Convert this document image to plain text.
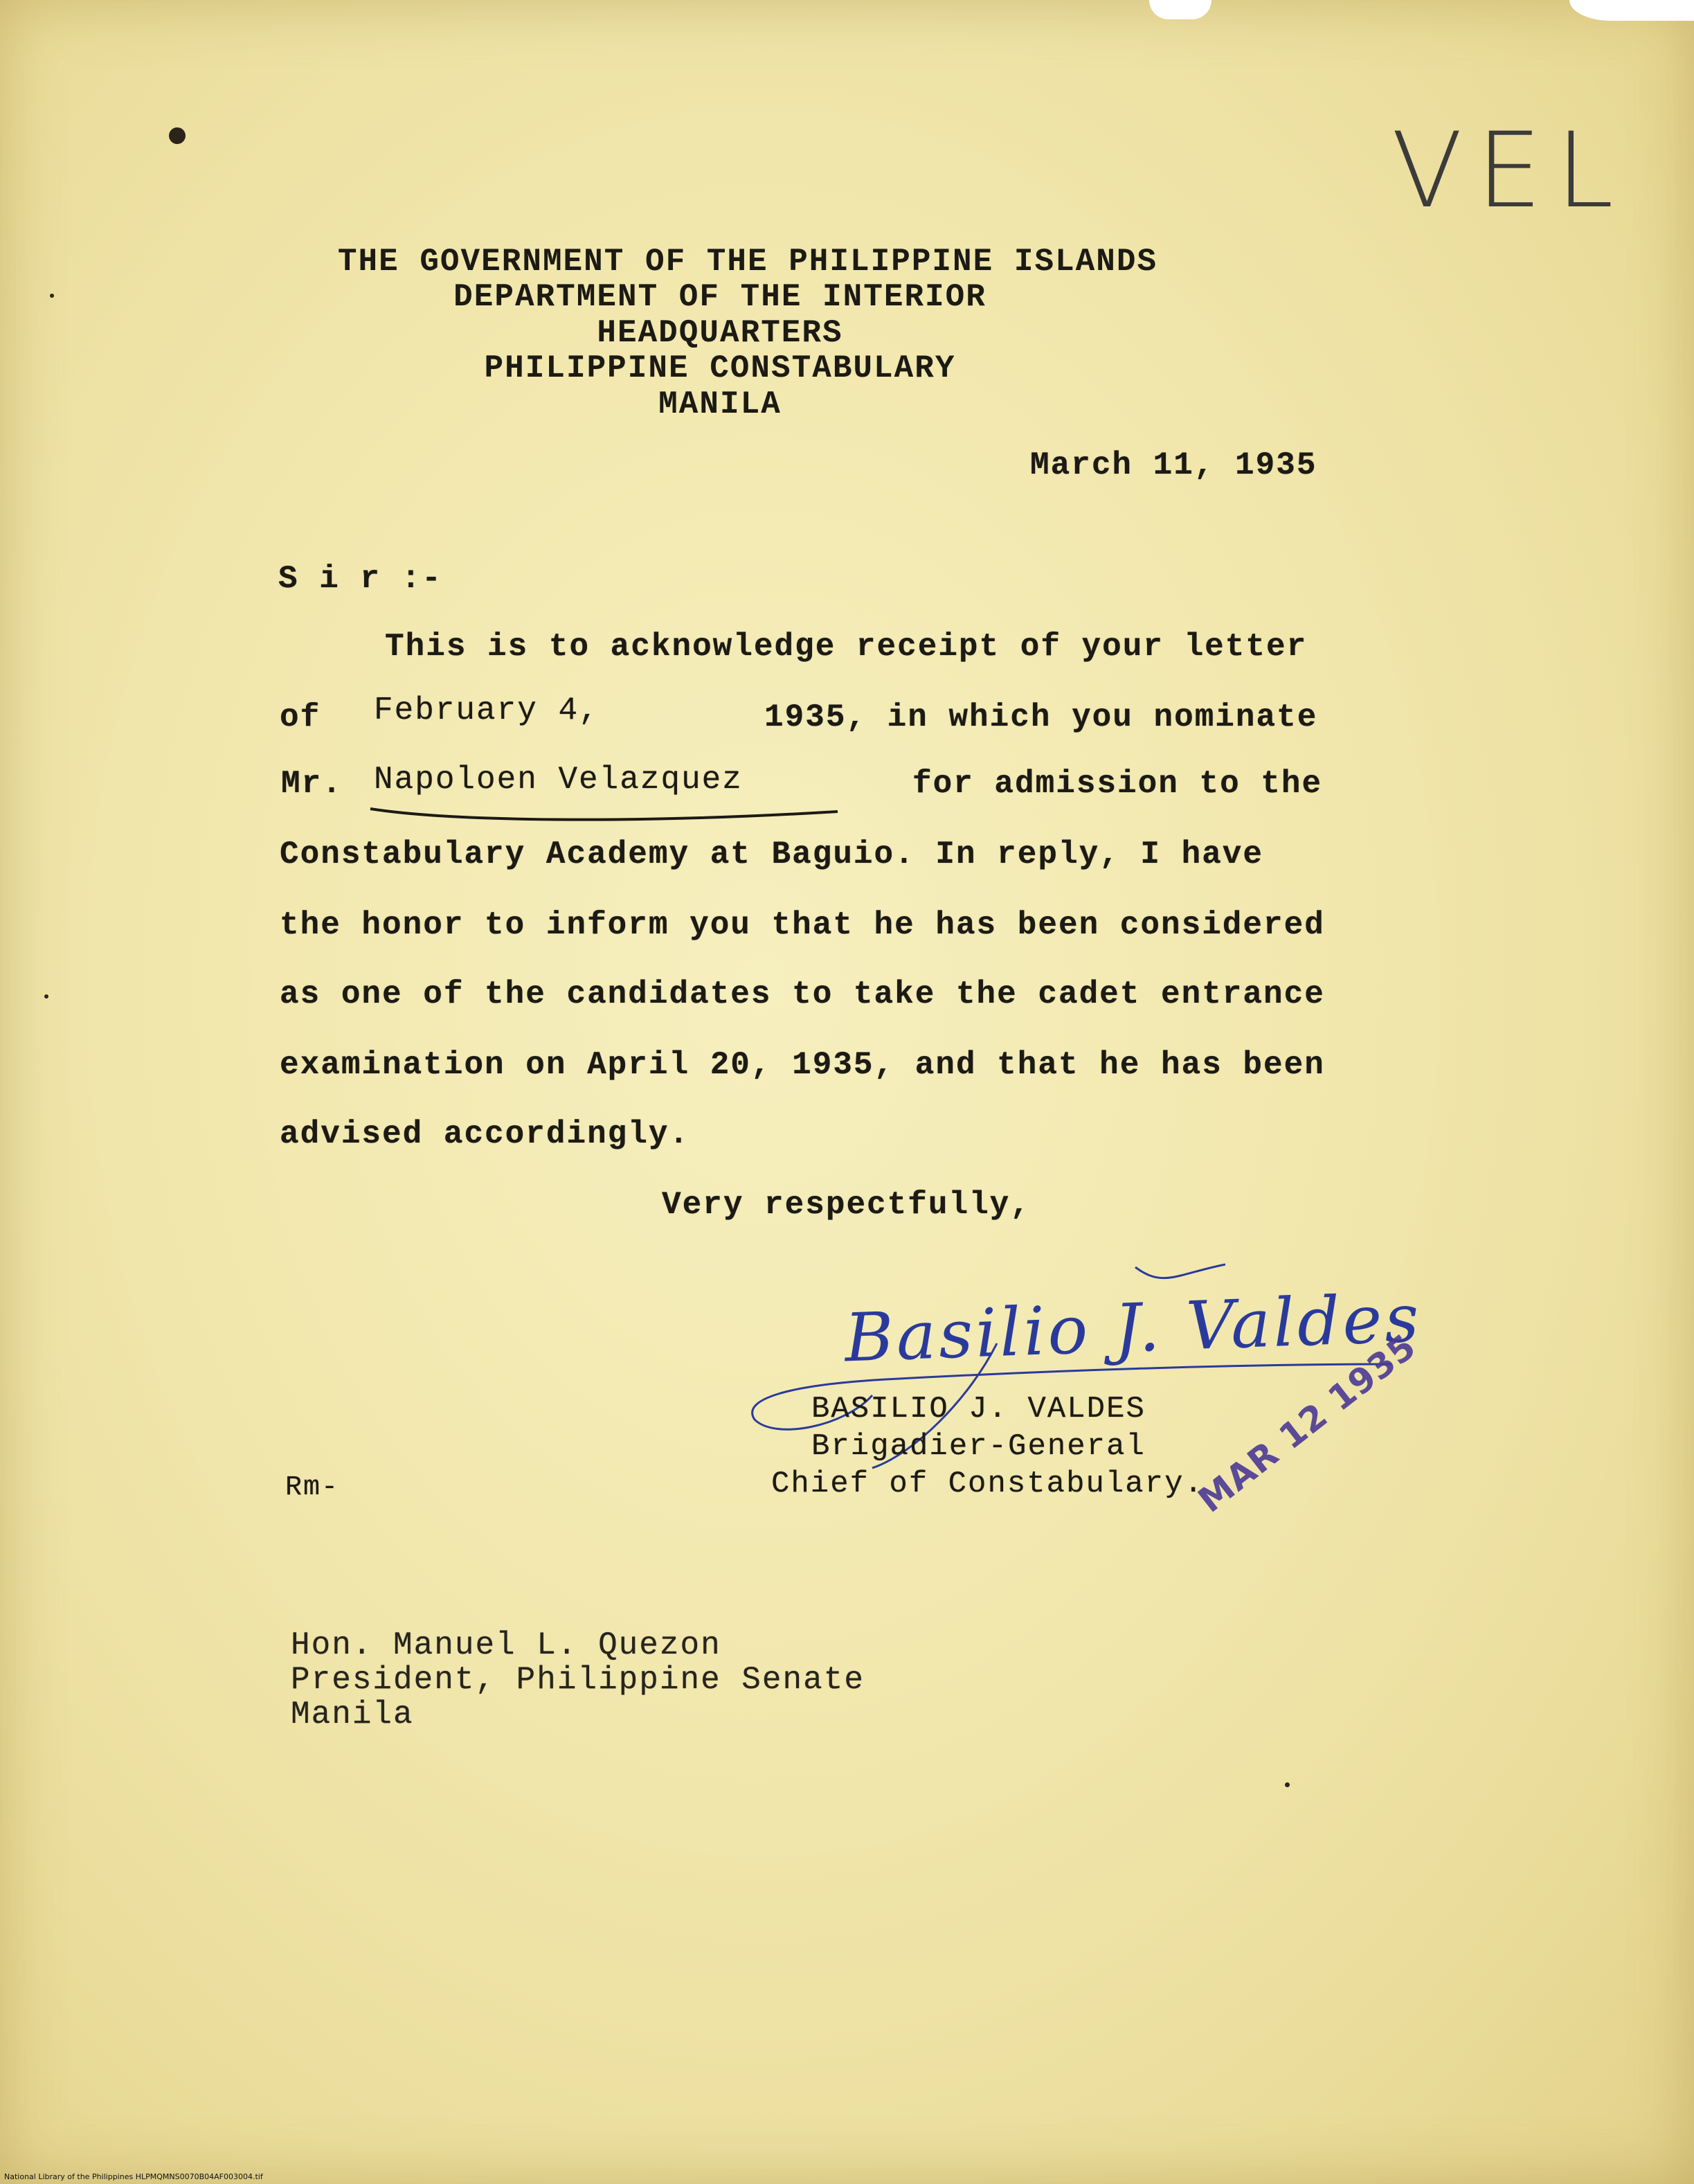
VEL

THE GOVERNMENT OF THE PHILIPPINE ISLANDS

DEPARTMENT OF THE INTERIOR

HEADQUARTERS

PHILIPPINE CONSTABULARY

MANILA

March 11, 1935

S i r :-

This is to acknowledge receipt of your letter

of February 4,	1935, in which you nominate

Mr. Napoloen Velazquez	for admission to the

Constabulary Academy at Baguio. In reply, I have

the honor to inform you that he has been considered

as one of the candidates to take the cadet entrance

examination on April 20, 1935, and that he has been

advised accordingly.

Very respectfully,

Basilio J. Valdes

BASILIO J. VALDES

Brigadier-General

Chief of Constabulary.

Rm-	MAR 12 1935

Hon. Manuel L. Quezon

President, Philippine Senate

Manila

National Library of the Philippines HLPMQMNS0070B04AF003004.tif
